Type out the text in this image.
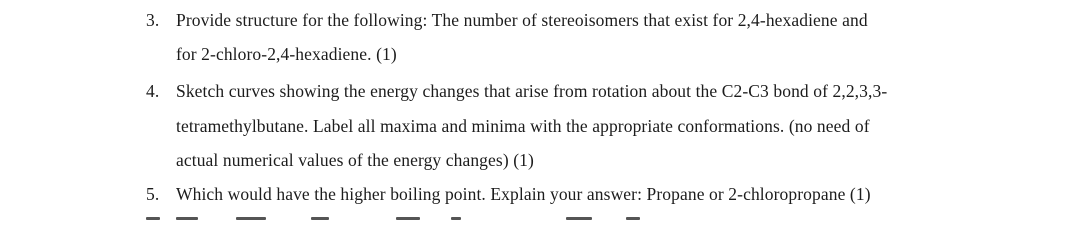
3. Provide structure for the following: The number of stereoisomers that exist for 2,4-hexadiene and
for 2-chloro-2,4-hexadiene. (1)
4. Sketch curves showing the energy changes that arise from rotation about the C2-C3 bond of 2,2,3,3-
tetramethylbutane. Label all maxima and minima with the appropriate conformations. (no need of
actual numerical values of the energy changes) (1)
5. Which would have the higher boiling point. Explain your answer: Propane or 2-chloropropane (1)
